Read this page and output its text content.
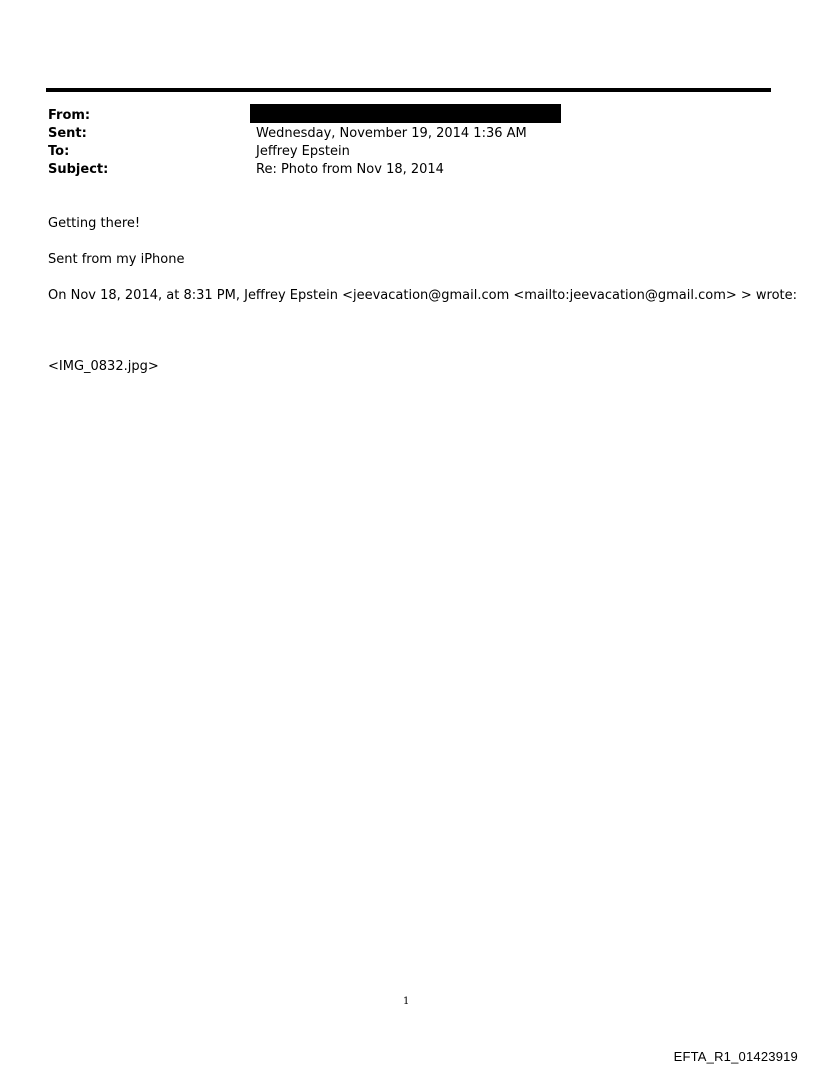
From:
Sent:	Wednesday, November 19, 2014 1:36 AM
To:	Jeffrey Epstein
Subject:	Re: Photo from Nov 18, 2014
Getting there!
Sent from my iPhone
On Nov 18, 2014, at 8:31 PM, Jeffrey Epstein <jeevacation@gmail.com <mailto:jeevacation@gmail.com> > wrote:
<IMG_0832.jpg>
1
EFTA_R1_01423919
